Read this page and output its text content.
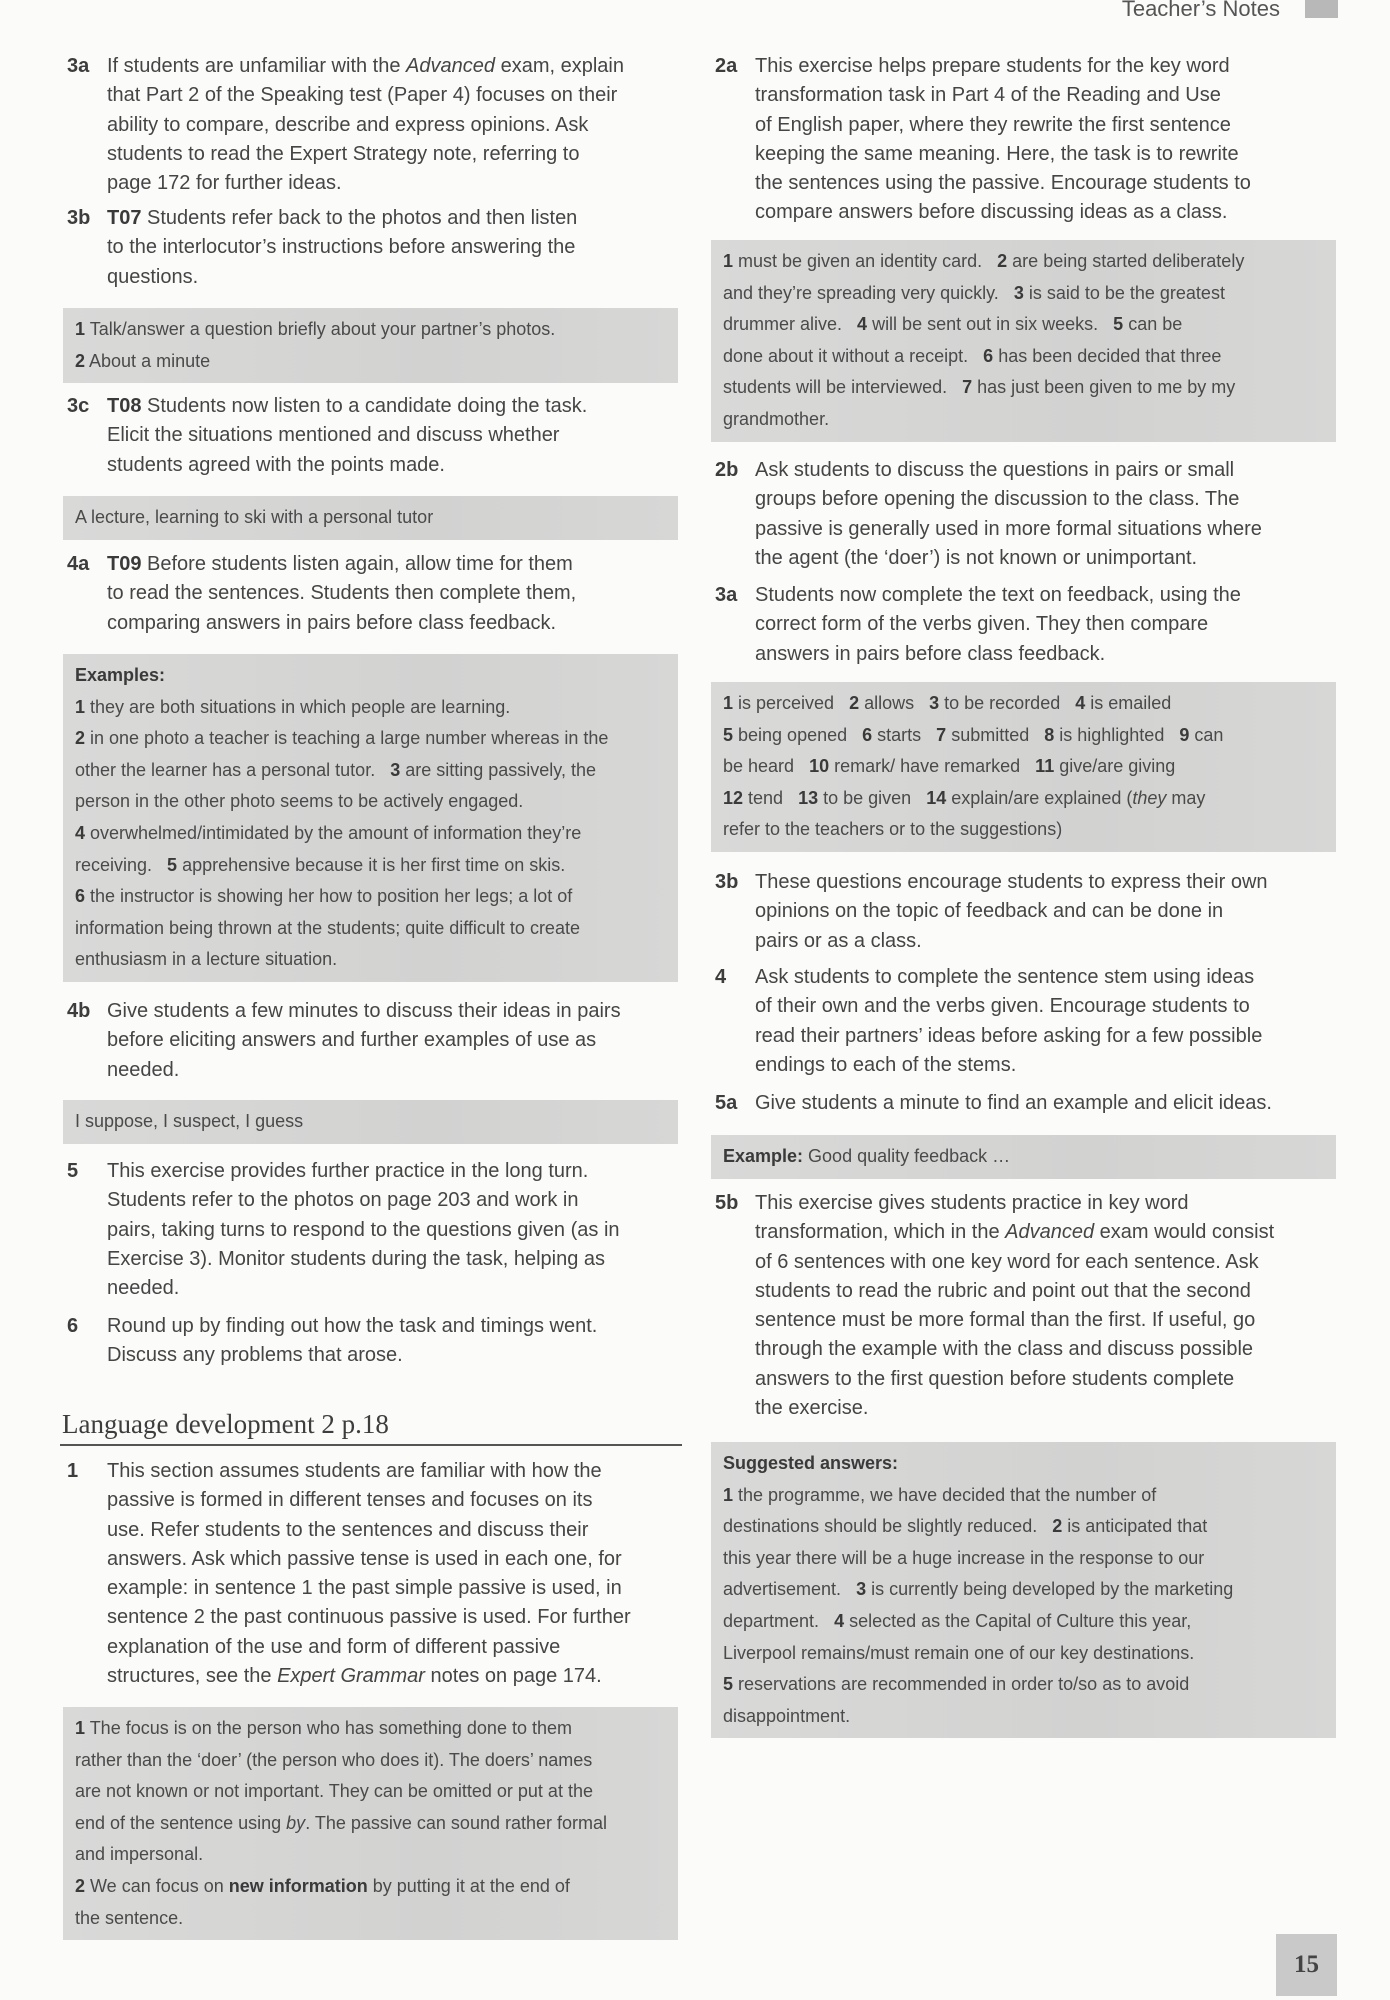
Teacher’s Notes
3a If students are unfamiliar with the Advanced exam, explain
that Part 2 of the Speaking test (Paper 4) focuses on their
ability to compare, describe and express opinions. Ask
students to read the Expert Strategy note, referring to
page 172 for further ideas.
3b T07 Students refer back to the photos and then listen
to the interlocutor’s instructions before answering the
questions.
1 Talk/answer a question briefly about your partner’s photos.
2 About a minute
3c T08 Students now listen to a candidate doing the task.
Elicit the situations mentioned and discuss whether
students agreed with the points made.
A lecture, learning to ski with a personal tutor
4a T09 Before students listen again, allow time for them
to read the sentences. Students then complete them,
comparing answers in pairs before class feedback.
Examples:
1 they are both situations in which people are learning.
2 in one photo a teacher is teaching a large number whereas in the
other the learner has a personal tutor.   3 are sitting passively, the
person in the other photo seems to be actively engaged.
4 overwhelmed/intimidated by the amount of information they’re
receiving.   5 apprehensive because it is her first time on skis.
6 the instructor is showing her how to position her legs; a lot of
information being thrown at the students; quite difficult to create
enthusiasm in a lecture situation.
4b Give students a few minutes to discuss their ideas in pairs
before eliciting answers and further examples of use as
needed.
I suppose, I suspect, I guess
5 This exercise provides further practice in the long turn.
Students refer to the photos on page 203 and work in
pairs, taking turns to respond to the questions given (as in
Exercise 3). Monitor students during the task, helping as
needed.
6 Round up by finding out how the task and timings went.
Discuss any problems that arose.
1 This section assumes students are familiar with how the
passive is formed in different tenses and focuses on its
use. Refer students to the sentences and discuss their
answers. Ask which passive tense is used in each one, for
example: in sentence 1 the past simple passive is used, in
sentence 2 the past continuous passive is used. For further
explanation of the use and form of different passive
structures, see the Expert Grammar notes on page 174.
1 The focus is on the person who has something done to them
rather than the ‘doer’ (the person who does it). The doers’ names
are not known or not important. They can be omitted or put at the
end of the sentence using by. The passive can sound rather formal
and impersonal.
2 We can focus on new information by putting it at the end of
the sentence.
2a This exercise helps prepare students for the key word
transformation task in Part 4 of the Reading and Use
of English paper, where they rewrite the first sentence
keeping the same meaning. Here, the task is to rewrite
the sentences using the passive. Encourage students to
compare answers before discussing ideas as a class.
1 must be given an identity card.   2 are being started deliberately
and they’re spreading very quickly.   3 is said to be the greatest
drummer alive.   4 will be sent out in six weeks.   5 can be
done about it without a receipt.   6 has been decided that three
students will be interviewed.   7 has just been given to me by my
grandmother.
2b Ask students to discuss the questions in pairs or small
groups before opening the discussion to the class. The
passive is generally used in more formal situations where
the agent (the ‘doer’) is not known or unimportant.
3a Students now complete the text on feedback, using the
correct form of the verbs given. They then compare
answers in pairs before class feedback.
1 is perceived   2 allows   3 to be recorded   4 is emailed
5 being opened   6 starts   7 submitted   8 is highlighted   9 can
be heard   10 remark/ have remarked   11 give/are giving
12 tend   13 to be given   14 explain/are explained (they may
refer to the teachers or to the suggestions)
3b These questions encourage students to express their own
opinions on the topic of feedback and can be done in
pairs or as a class.
4 Ask students to complete the sentence stem using ideas
of their own and the verbs given. Encourage students to
read their partners’ ideas before asking for a few possible
endings to each of the stems.
5a Give students a minute to find an example and elicit ideas.
Example: Good quality feedback …
5b This exercise gives students practice in key word
transformation, which in the Advanced exam would consist
of 6 sentences with one key word for each sentence. Ask
students to read the rubric and point out that the second
sentence must be more formal than the first. If useful, go
through the example with the class and discuss possible
answers to the first question before students complete
the exercise.
Suggested answers:
1 the programme, we have decided that the number of
destinations should be slightly reduced.   2 is anticipated that
this year there will be a huge increase in the response to our
advertisement.   3 is currently being developed by the marketing
department.   4 selected as the Capital of Culture this year,
Liverpool remains/must remain one of our key destinations.
5 reservations are recommended in order to/so as to avoid
disappointment.
Language development 2 p.18
15
